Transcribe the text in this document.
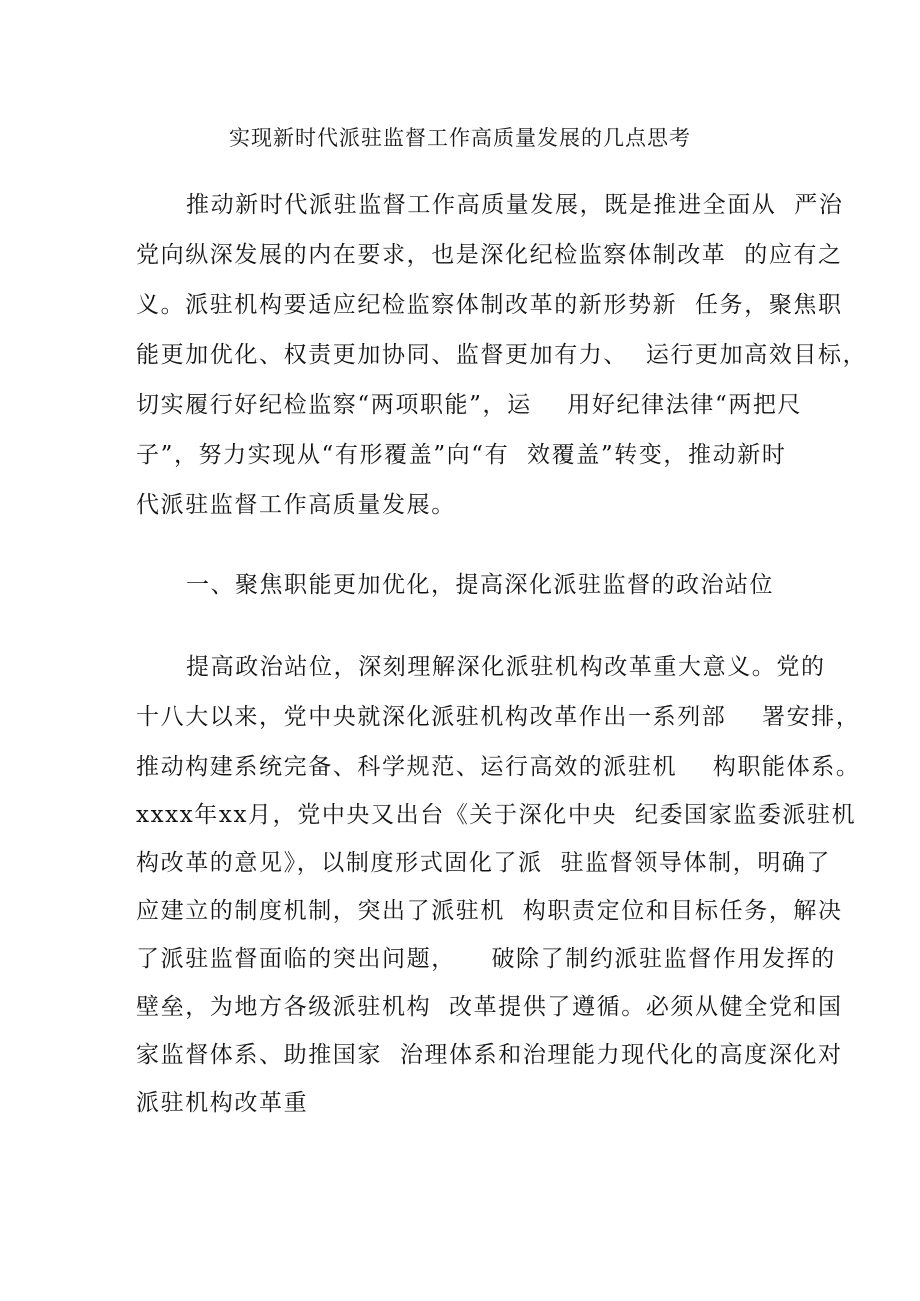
实现新时代派驻监督工作高质量发展的几点思考
推动新时代派驻监督工作高质量发展，既是推进全面从  严治
党向纵深发展的内在要求，也是深化纪检监察体制改革  的应有之
义。派驻机构要适应纪检监察体制改革的新形势新  任务，聚焦职
能更加优化、权责更加协同、监督更加有力、  运行更加高效目标，
切实履行好纪检监察“两项职能”，运    用好纪律法律“两把尺
子”，努力实现从“有形覆盖”向“有  效覆盖”转变，推动新时
代派驻监督工作高质量发展。
一、聚焦职能更加优化，提高深化派驻监督的政治站位
提高政治站位，深刻理解深化派驻机构改革重大意义。党的
十八大以来，党中央就深化派驻机构改革作出一系列部    署安排，
推动构建系统完备、科学规范、运行高效的派驻机    构职能体系。
xxxx年xx月，党中央又出台《关于深化中央  纪委国家监委派驻机
构改革的意见》，以制度形式固化了派  驻监督领导体制，明确了
应建立的制度机制，突出了派驻机  构职责定位和目标任务，解决
了派驻监督面临的突出问题，    破除了制约派驻监督作用发挥的
壁垒，为地方各级派驻机构  改革提供了遵循。必须从健全党和国
家监督体系、助推国家  治理体系和治理能力现代化的高度深化对
派驻机构改革重
